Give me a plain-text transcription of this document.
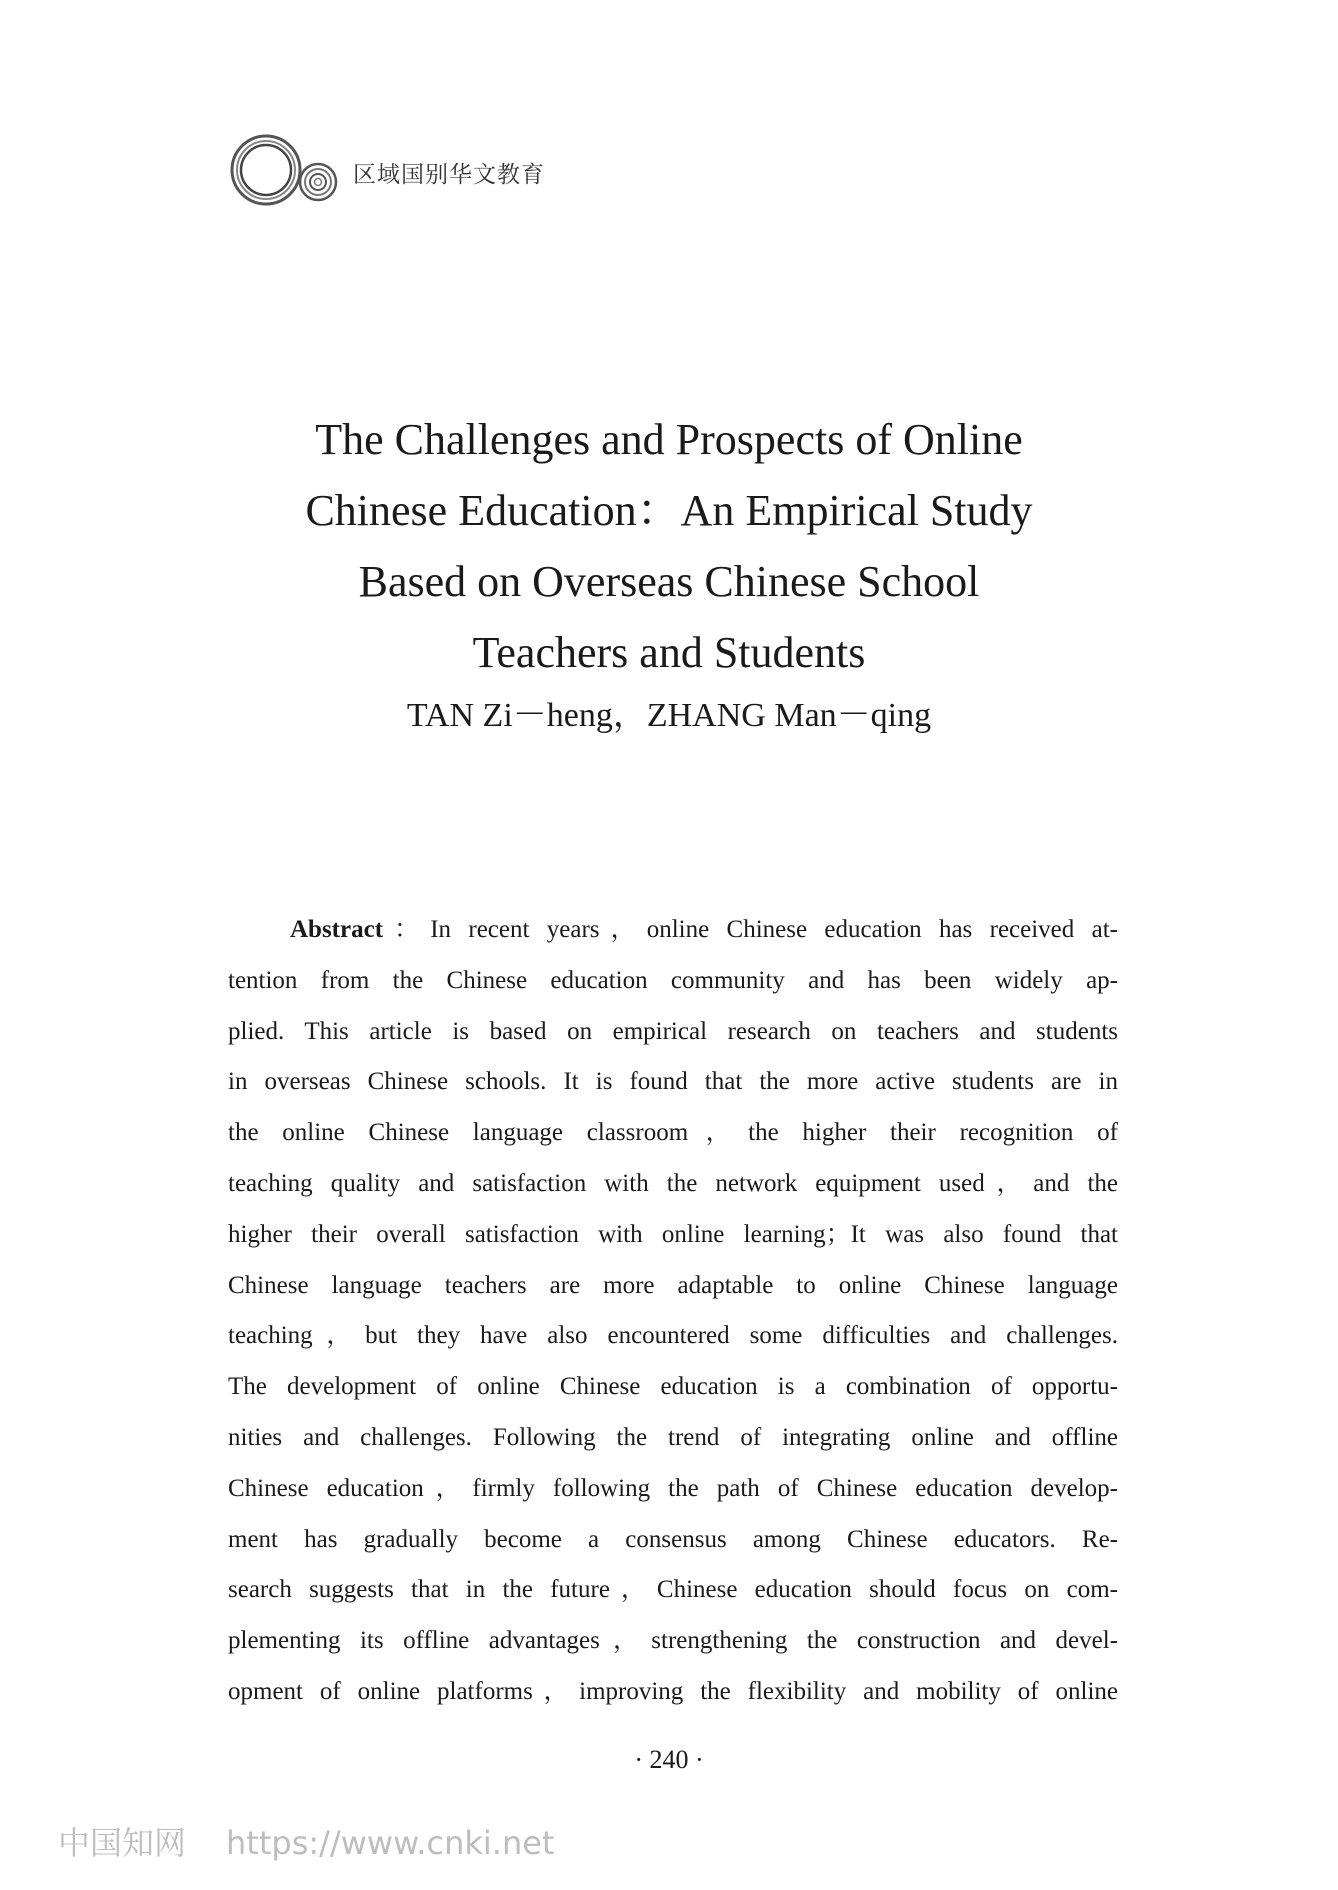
区域国别华文教育
The Challenges and Prospects of Online
Chinese Education：An Empirical Study
Based on Overseas Chinese School
Teachers and Students
TAN Zi－heng，ZHANG Man－qing
Abstract：In recent years，online Chinese education has received at-
tention from the Chinese education community and has been widely ap-
plied. This article is based on empirical research on teachers and students
in overseas Chinese schools. It is found that the more active students are in
the online Chinese language classroom，the higher their recognition of
teaching quality and satisfaction with the network equipment used，and the
higher their overall satisfaction with online learning；It was also found that
Chinese language teachers are more adaptable to online Chinese language
teaching，but they have also encountered some difficulties and challenges.
The development of online Chinese education is a combination of opportu-
nities and challenges. Following the trend of integrating online and offline
Chinese education，firmly following the path of Chinese education develop-
ment has gradually become a consensus among Chinese educators. Re-
search suggests that in the future，Chinese education should focus on com-
plementing its offline advantages，strengthening the construction and devel-
opment of online platforms，improving the flexibility and mobility of online
· 240 ·
中国知网 https://www.cnki.net
